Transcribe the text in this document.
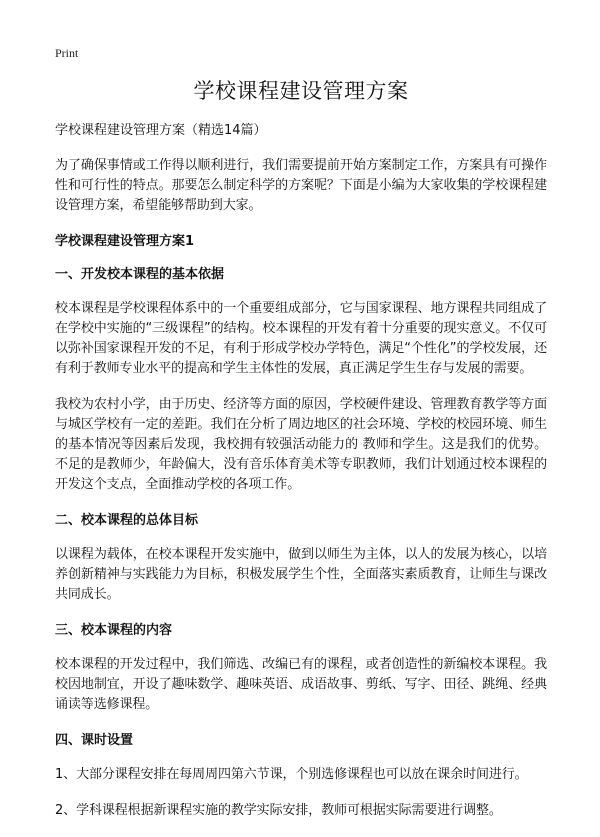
Print
学校课程建设管理方案

学校课程建设管理方案（精选14篇）

为了确保事情或工作得以顺利进行，我们需要提前开始方案制定工作，方案具有可操作性和可行性的特点。那要怎么制定科学的方案呢？下面是小编为大家收集的学校课程建设管理方案，希望能够帮助到大家。

学校课程建设管理方案1
一、开发校本课程的基本依据

校本课程是学校课程体系中的一个重要组成部分，它与国家课程、地方课程共同组成了在学校中实施的“三级课程”的结构。校本课程的开发有着十分重要的现实意义。不仅可以弥补国家课程开发的不足，有利于形成学校办学特色，满足“个性化”的学校发展，还有利于教师专业水平的提高和学生主体性的发展，真正满足学生生存与发展的需要。

我校为农村小学，由于历史、经济等方面的原因，学校硬件建设、管理教育教学等方面与城区学校有一定的差距。我们在分析了周边地区的社会环境、学校的校园环境、师生的基本情况等因素后发现，我校拥有较强活动能力的 教师和学生。这是我们的优势。不足的是教师少，年龄偏大，没有音乐体育美术等专职教师，我们计划通过校本课程的开发这个支点，全面推动学校的各项工作。

二、校本课程的总体目标

以课程为载体，在校本课程开发实施中，做到以师生为主体，以人的发展为核心，以培养创新精神与实践能力为目标，积极发展学生个性，全面落实素质教育，让师生与课改共同成长。

三、校本课程的内容

校本课程的开发过程中，我们筛选、改编已有的课程，或者创造性的新编校本课程。我校因地制宜，开设了趣味数学、趣味英语、成语故事、剪纸、写字、田径、跳绳、经典诵读等选修课程。

四、课时设置

1、大部分课程安排在每周周四第六节课，个别选修课程也可以放在课余时间进行。

2、学科课程根据新课程实施的教学实际安排，教师可根据实际需要进行调整。
